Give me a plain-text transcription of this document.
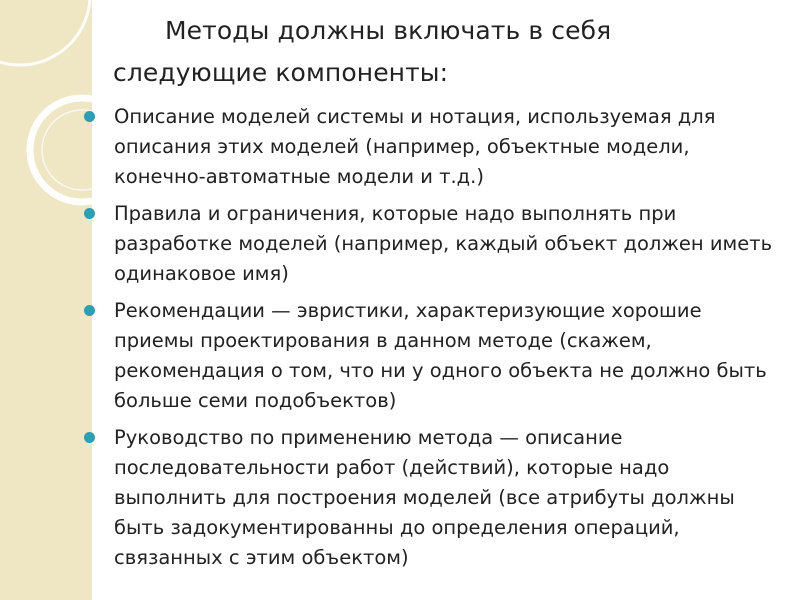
Методы должны включать в себя следующие компоненты:
Описание моделей системы и нотация, используемая для описания этих моделей (например, объектные модели, конечно-автоматные модели и т.д.)
Правила и ограничения, которые надо выполнять при разработке моделей (например, каждый объект должен иметь одинаковое имя)
Рекомендации — эвристики, характеризующие хорошие приемы проектирования в данном методе (скажем, рекомендация о том, что ни у одного объекта не должно быть больше семи подобъектов)
Руководство по применению метода — описание последовательности работ (действий), которые надо выполнить для построения моделей (все атрибуты должны быть задокументированны до определения операций, связанных с этим объектом)
